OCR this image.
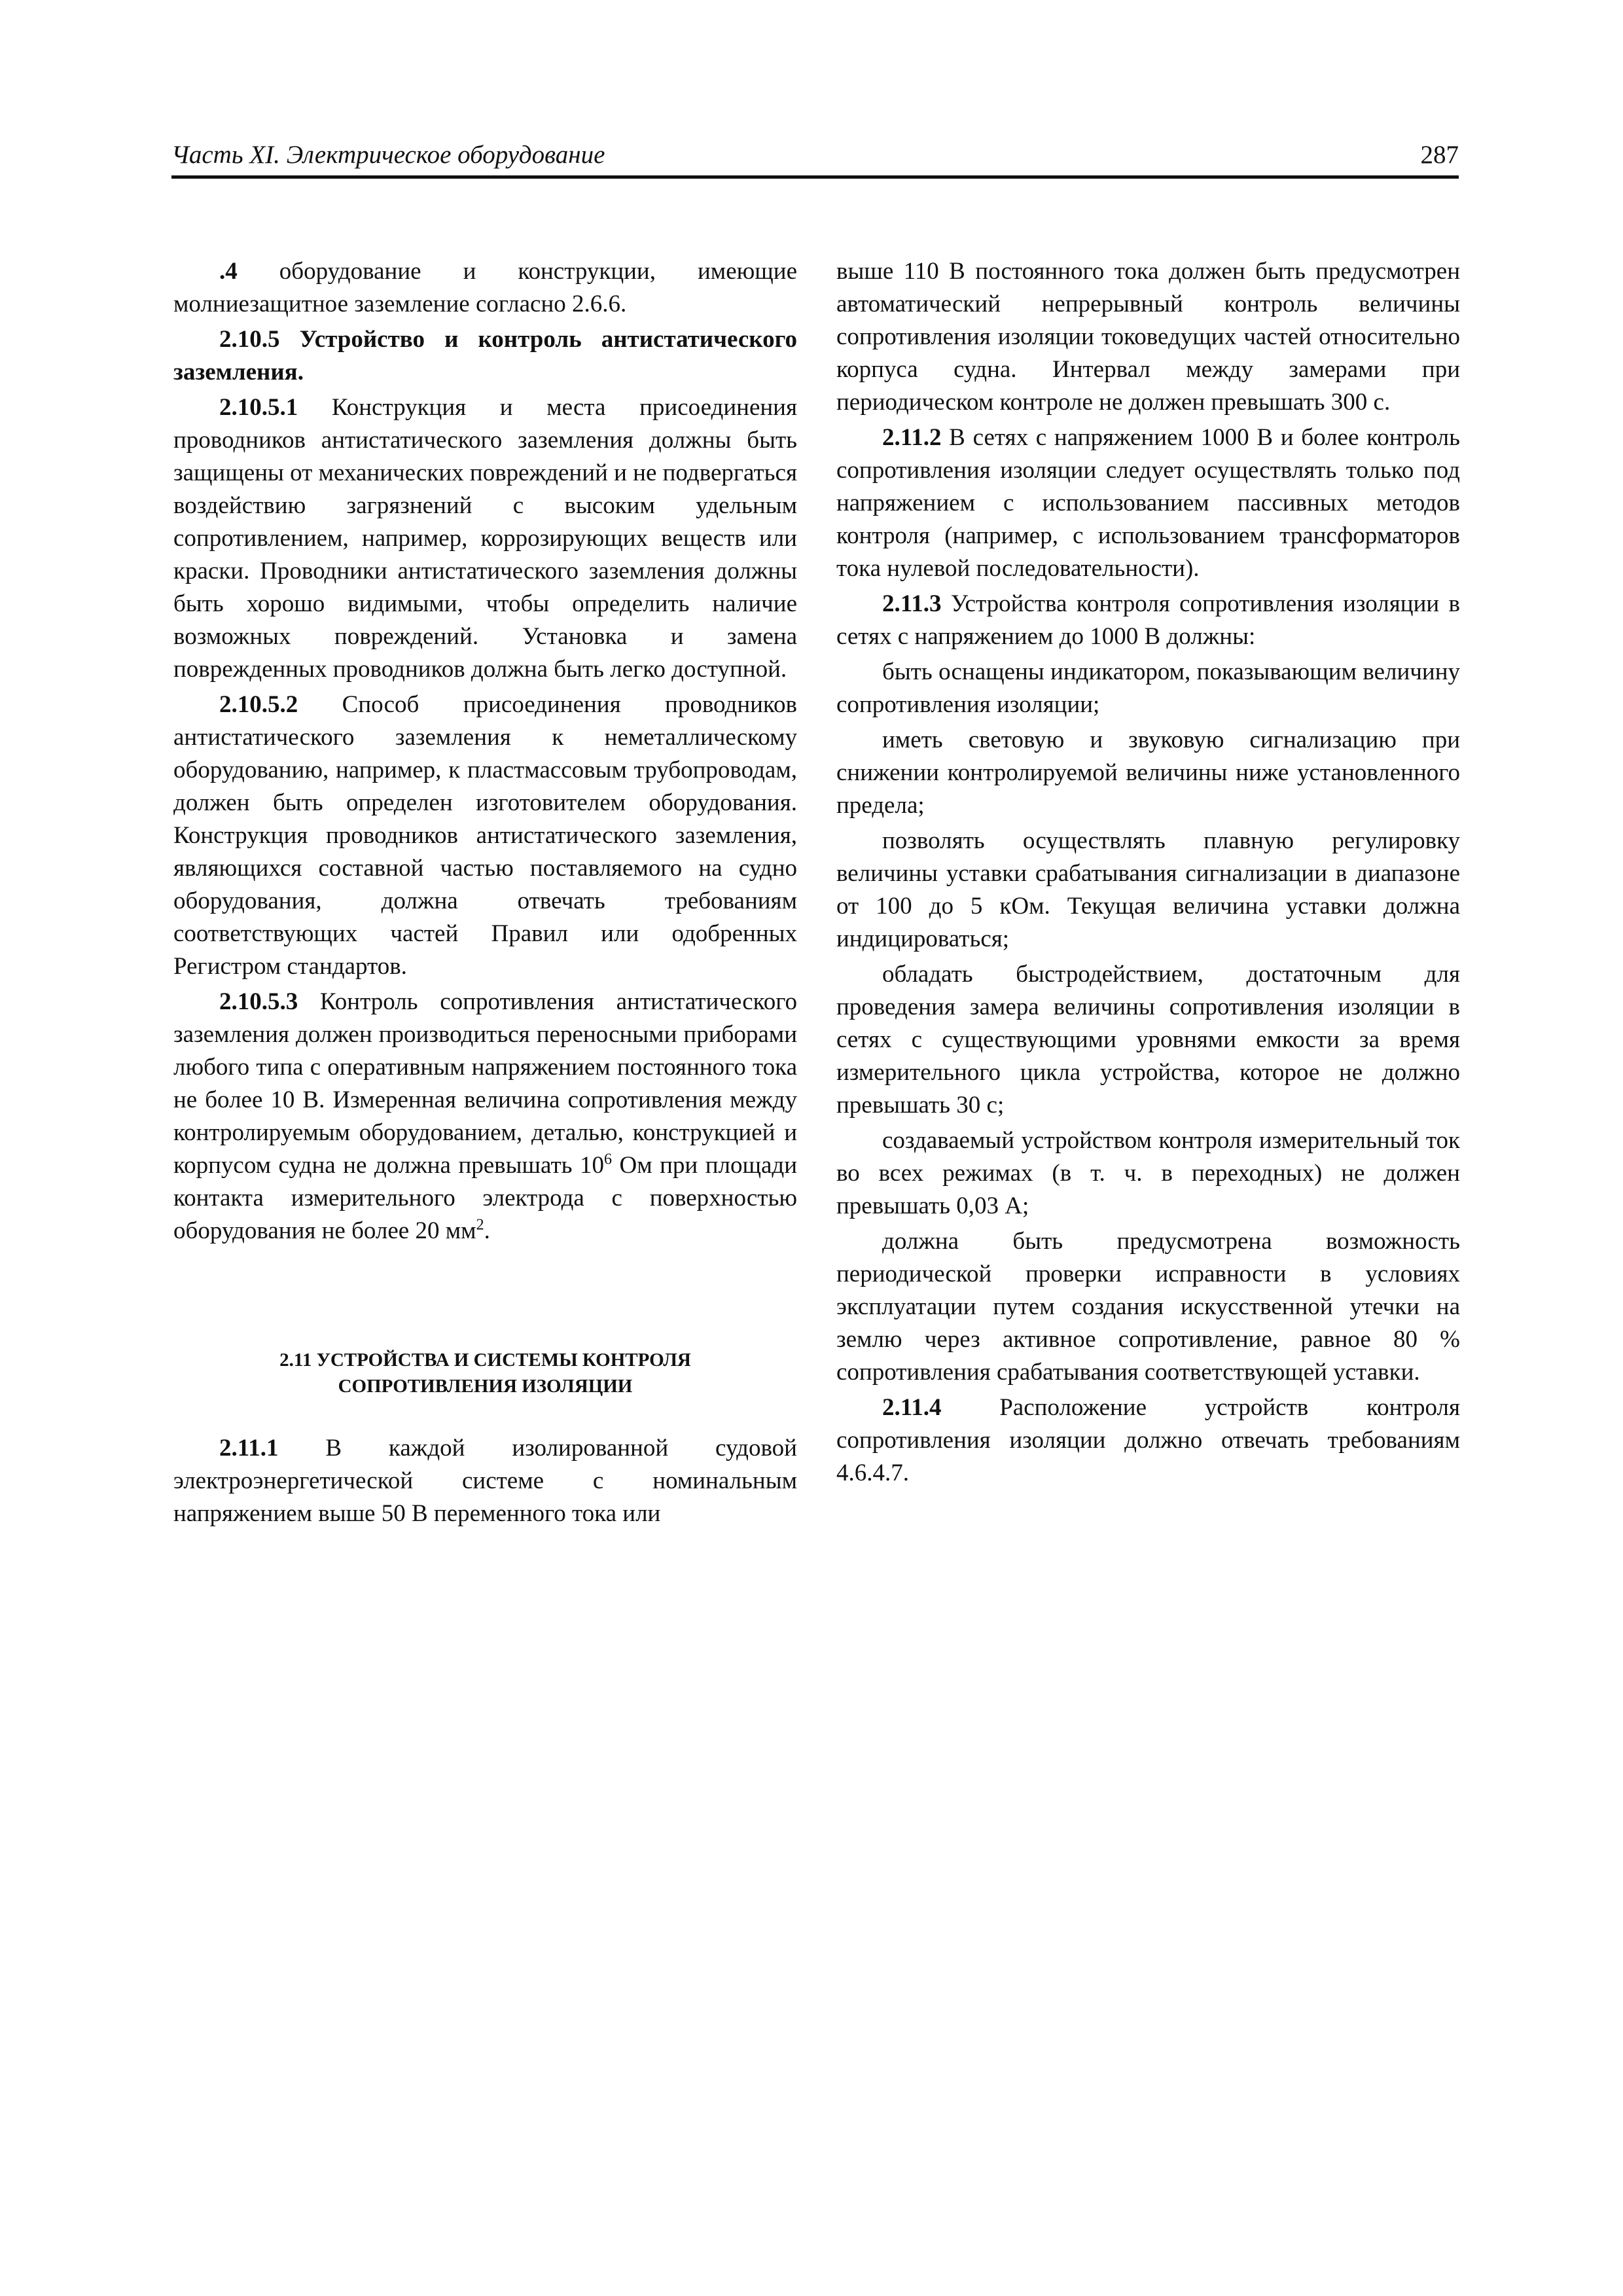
Часть XI. Электрическое оборудование	287

.4 оборудование и конструкции, имеющие молниезащитное заземление согласно 2.6.6.

2.10.5 Устройство и контроль антистатического заземления.

2.10.5.1 Конструкция и места присоединения проводников антистатического заземления должны быть защищены от механических повреждений и не подвергаться воздействию загрязнений с высоким удельным сопротивлением, например, коррозирующих веществ или краски. Проводники антистатического заземления должны быть хорошо видимыми, чтобы определить наличие возможных повреждений. Установка и замена поврежденных проводников должна быть легко доступной.

2.10.5.2 Способ присоединения проводников антистатического заземления к неметаллическому оборудованию, например, к пластмассовым трубопроводам, должен быть определен изготовителем оборудования. Конструкция проводников антистатического заземления, являющихся составной частью поставляемого на судно оборудования, должна отвечать требованиям соответствующих частей Правил или одобренных Регистром стандартов.

2.10.5.3 Контроль сопротивления антистатического заземления должен производиться переносными приборами любого типа с оперативным напряжением постоянного тока не более 10 В. Измеренная величина сопротивления между контролируемым оборудованием, деталью, конструкцией и корпусом судна не должна превышать $10^6$ Ом при площади контакта измерительного электрода с поверхностью оборудования не более 20 $мм^2$.

2.11 УСТРОЙСТВА И СИСТЕМЫ КОНТРОЛЯ
СОПРОТИВЛЕНИЯ ИЗОЛЯЦИИ

2.11.1 В каждой изолированной судовой электроэнергетической системе с номинальным напряжением выше 50 В переменного тока или

выше 110 В постоянного тока должен быть предусмотрен автоматический непрерывный контроль величины сопротивления изоляции токоведущих частей относительно корпуса судна. Интервал между замерами при периодическом контроле не должен превышать 300 с.

2.11.2 В сетях с напряжением 1000 В и более контроль сопротивления изоляции следует осуществлять только под напряжением с использованием пассивных методов контроля (например, с использованием трансформаторов тока нулевой последовательности).

2.11.3 Устройства контроля сопротивления изоляции в сетях с напряжением до 1000 В должны:

быть оснащены индикатором, показывающим величину сопротивления изоляции;

иметь световую и звуковую сигнализацию при снижении контролируемой величины ниже установленного предела;

позволять осуществлять плавную регулировку величины уставки срабатывания сигнализации в диапазоне от 100 до 5 кОм. Текущая величина уставки должна индицироваться;

обладать быстродействием, достаточным для проведения замера величины сопротивления изоляции в сетях с существующими уровнями емкости за время измерительного цикла устройства, которое не должно превышать 30 с;

создаваемый устройством контроля измерительный ток во всех режимах (в т. ч. в переходных) не должен превышать 0,03 А;

должна быть предусмотрена возможность периодической проверки исправности в условиях эксплуатации путем создания искусственной утечки на землю через активное сопротивление, равное 80 % сопротивления срабатывания соответствующей уставки.

2.11.4 Расположение устройств контроля сопротивления изоляции должно отвечать требованиям 4.6.4.7.
